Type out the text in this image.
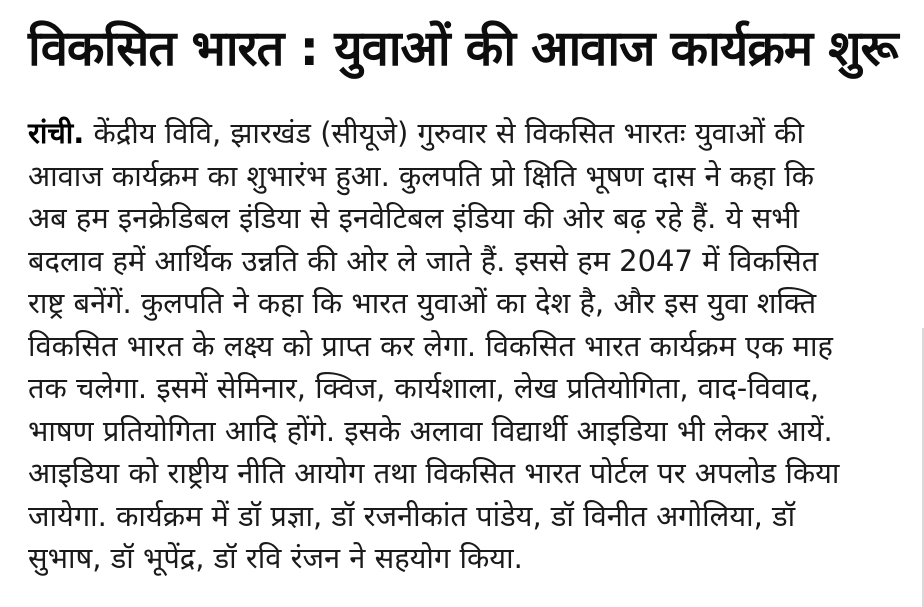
विकसित भारत : युवाओं की आवाज कार्यक्रम शुरू
रांची. केंद्रीय विवि, झारखंड (सीयूजे) गुरुवार से विकसित भारतः युवाओं की
आवाज कार्यक्रम का शुभारंभ हुआ. कुलपति प्रो क्षिति भूषण दास ने कहा कि
अब हम इनक्रेडिबल इंडिया से इनवेटिबल इंडिया की ओर बढ़ रहे हैं. ये सभी
बदलाव हमें आर्थिक उन्नति की ओर ले जाते हैं. इससे हम 2047 में विकसित
राष्ट्र बनेंगें. कुलपति ने कहा कि भारत युवाओं का देश है, और इस युवा शक्ति
विकसित भारत के लक्ष्य को प्राप्त कर लेगा. विकसित भारत कार्यक्रम एक माह
तक चलेगा. इसमें सेमिनार, क्विज, कार्यशाला, लेख प्रतियोगिता, वाद-विवाद,
भाषण प्रतियोगिता आदि होंगे. इसके अलावा विद्यार्थी आइडिया भी लेकर आयें.
आइडिया को राष्ट्रीय नीति आयोग तथा विकसित भारत पोर्टल पर अपलोड किया
जायेगा. कार्यक्रम में डॉ प्रज्ञा, डॉ रजनीकांत पांडेय, डॉ विनीत अगोलिया, डॉ
सुभाष, डॉ भूपेंद्र, डॉ रवि रंजन ने सहयोग किया.
